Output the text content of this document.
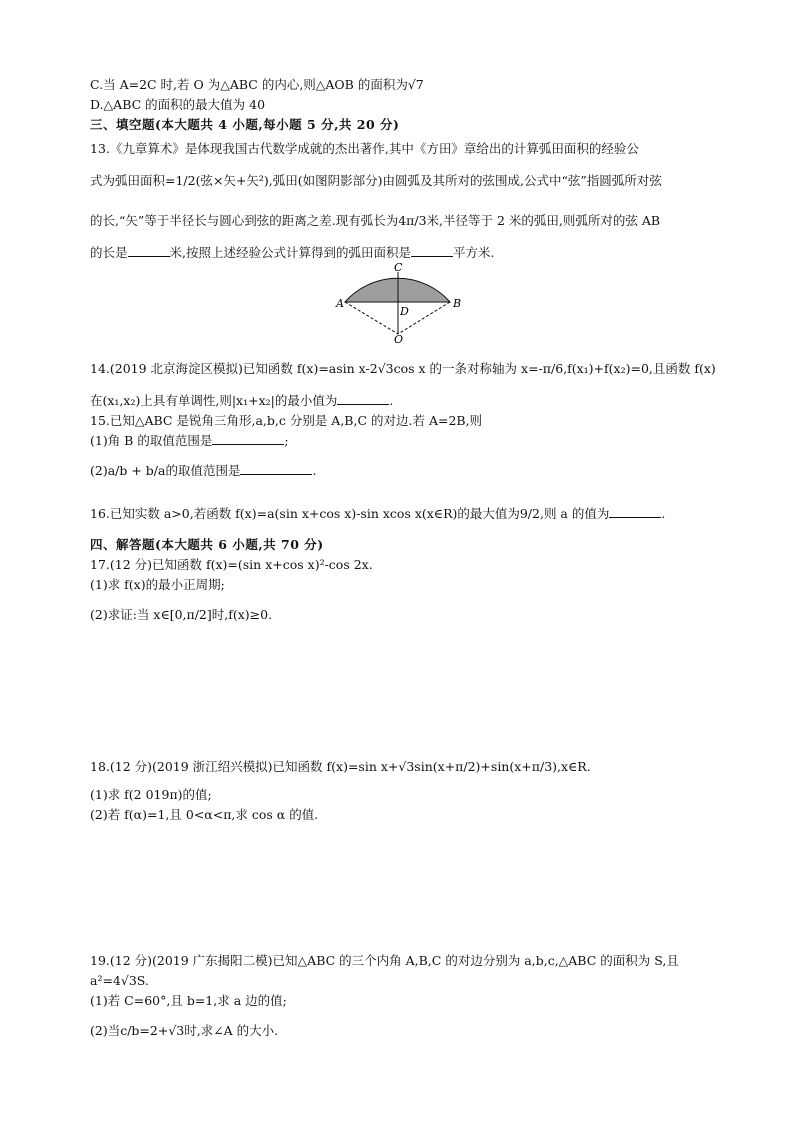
C.当 A=2C 时,若 O 为△ABC 的内心,则△AOB 的面积为√7
D.△ABC 的面积的最大值为 40
三、填空题(本大题共 4 小题,每小题 5 分,共 20 分)
13.《九章算术》是体现我国古代数学成就的杰出著作,其中《方田》章给出的计算弧田面积的经验公
式为弧田面积=1/2(弦×矢+矢²),弧田(如图阴影部分)由圆弧及其所对的弦围成,公式中“弦”指圆弧所对弦
的长,“矢”等于半径长与圆心到弦的距离之差.现有弧长为4π/3米,半径等于 2 米的弧田,则弧所对的弦 AB
的长是	米,按照上述经验公式计算得到的弧田面积是	平方米.
A	B
C
D
O
14.(2019 北京海淀区模拟)已知函数 f(x)=asin x-2√3cos x 的一条对称轴为 x=-π/6,f(x₁)+f(x₂)=0,且函数 f(x)
在(x₁,x₂)上具有单调性,则|x₁+x₂|的最小值为	.
15.已知△ABC 是锐角三角形,a,b,c 分别是 A,B,C 的对边.若 A=2B,则
(1)角 B 的取值范围是	;
(2)a/b + b/a的取值范围是	.
16.已知实数 a>0,若函数 f(x)=a(sin x+cos x)-sin xcos x(x∈R)的最大值为9/2,则 a 的值为	.
四、解答题(本大题共 6 小题,共 70 分)
17.(12 分)已知函数 f(x)=(sin x+cos x)²-cos 2x.
(1)求 f(x)的最小正周期;
(2)求证:当 x∈[0,π/2]时,f(x)≥0.
18.(12 分)(2019 浙江绍兴模拟)已知函数 f(x)=sin x+√3sin(x+π/2)+sin(x+π/3),x∈R.
(1)求 f(2 019π)的值;
(2)若 f(α)=1,且 0<α<π,求 cos α 的值.
19.(12 分)(2019 广东揭阳二模)已知△ABC 的三个内角 A,B,C 的对边分别为 a,b,c,△ABC 的面积为 S,且
a²=4√3S.
(1)若 C=60°,且 b=1,求 a 边的值;
(2)当c/b=2+√3时,求∠A 的大小.
